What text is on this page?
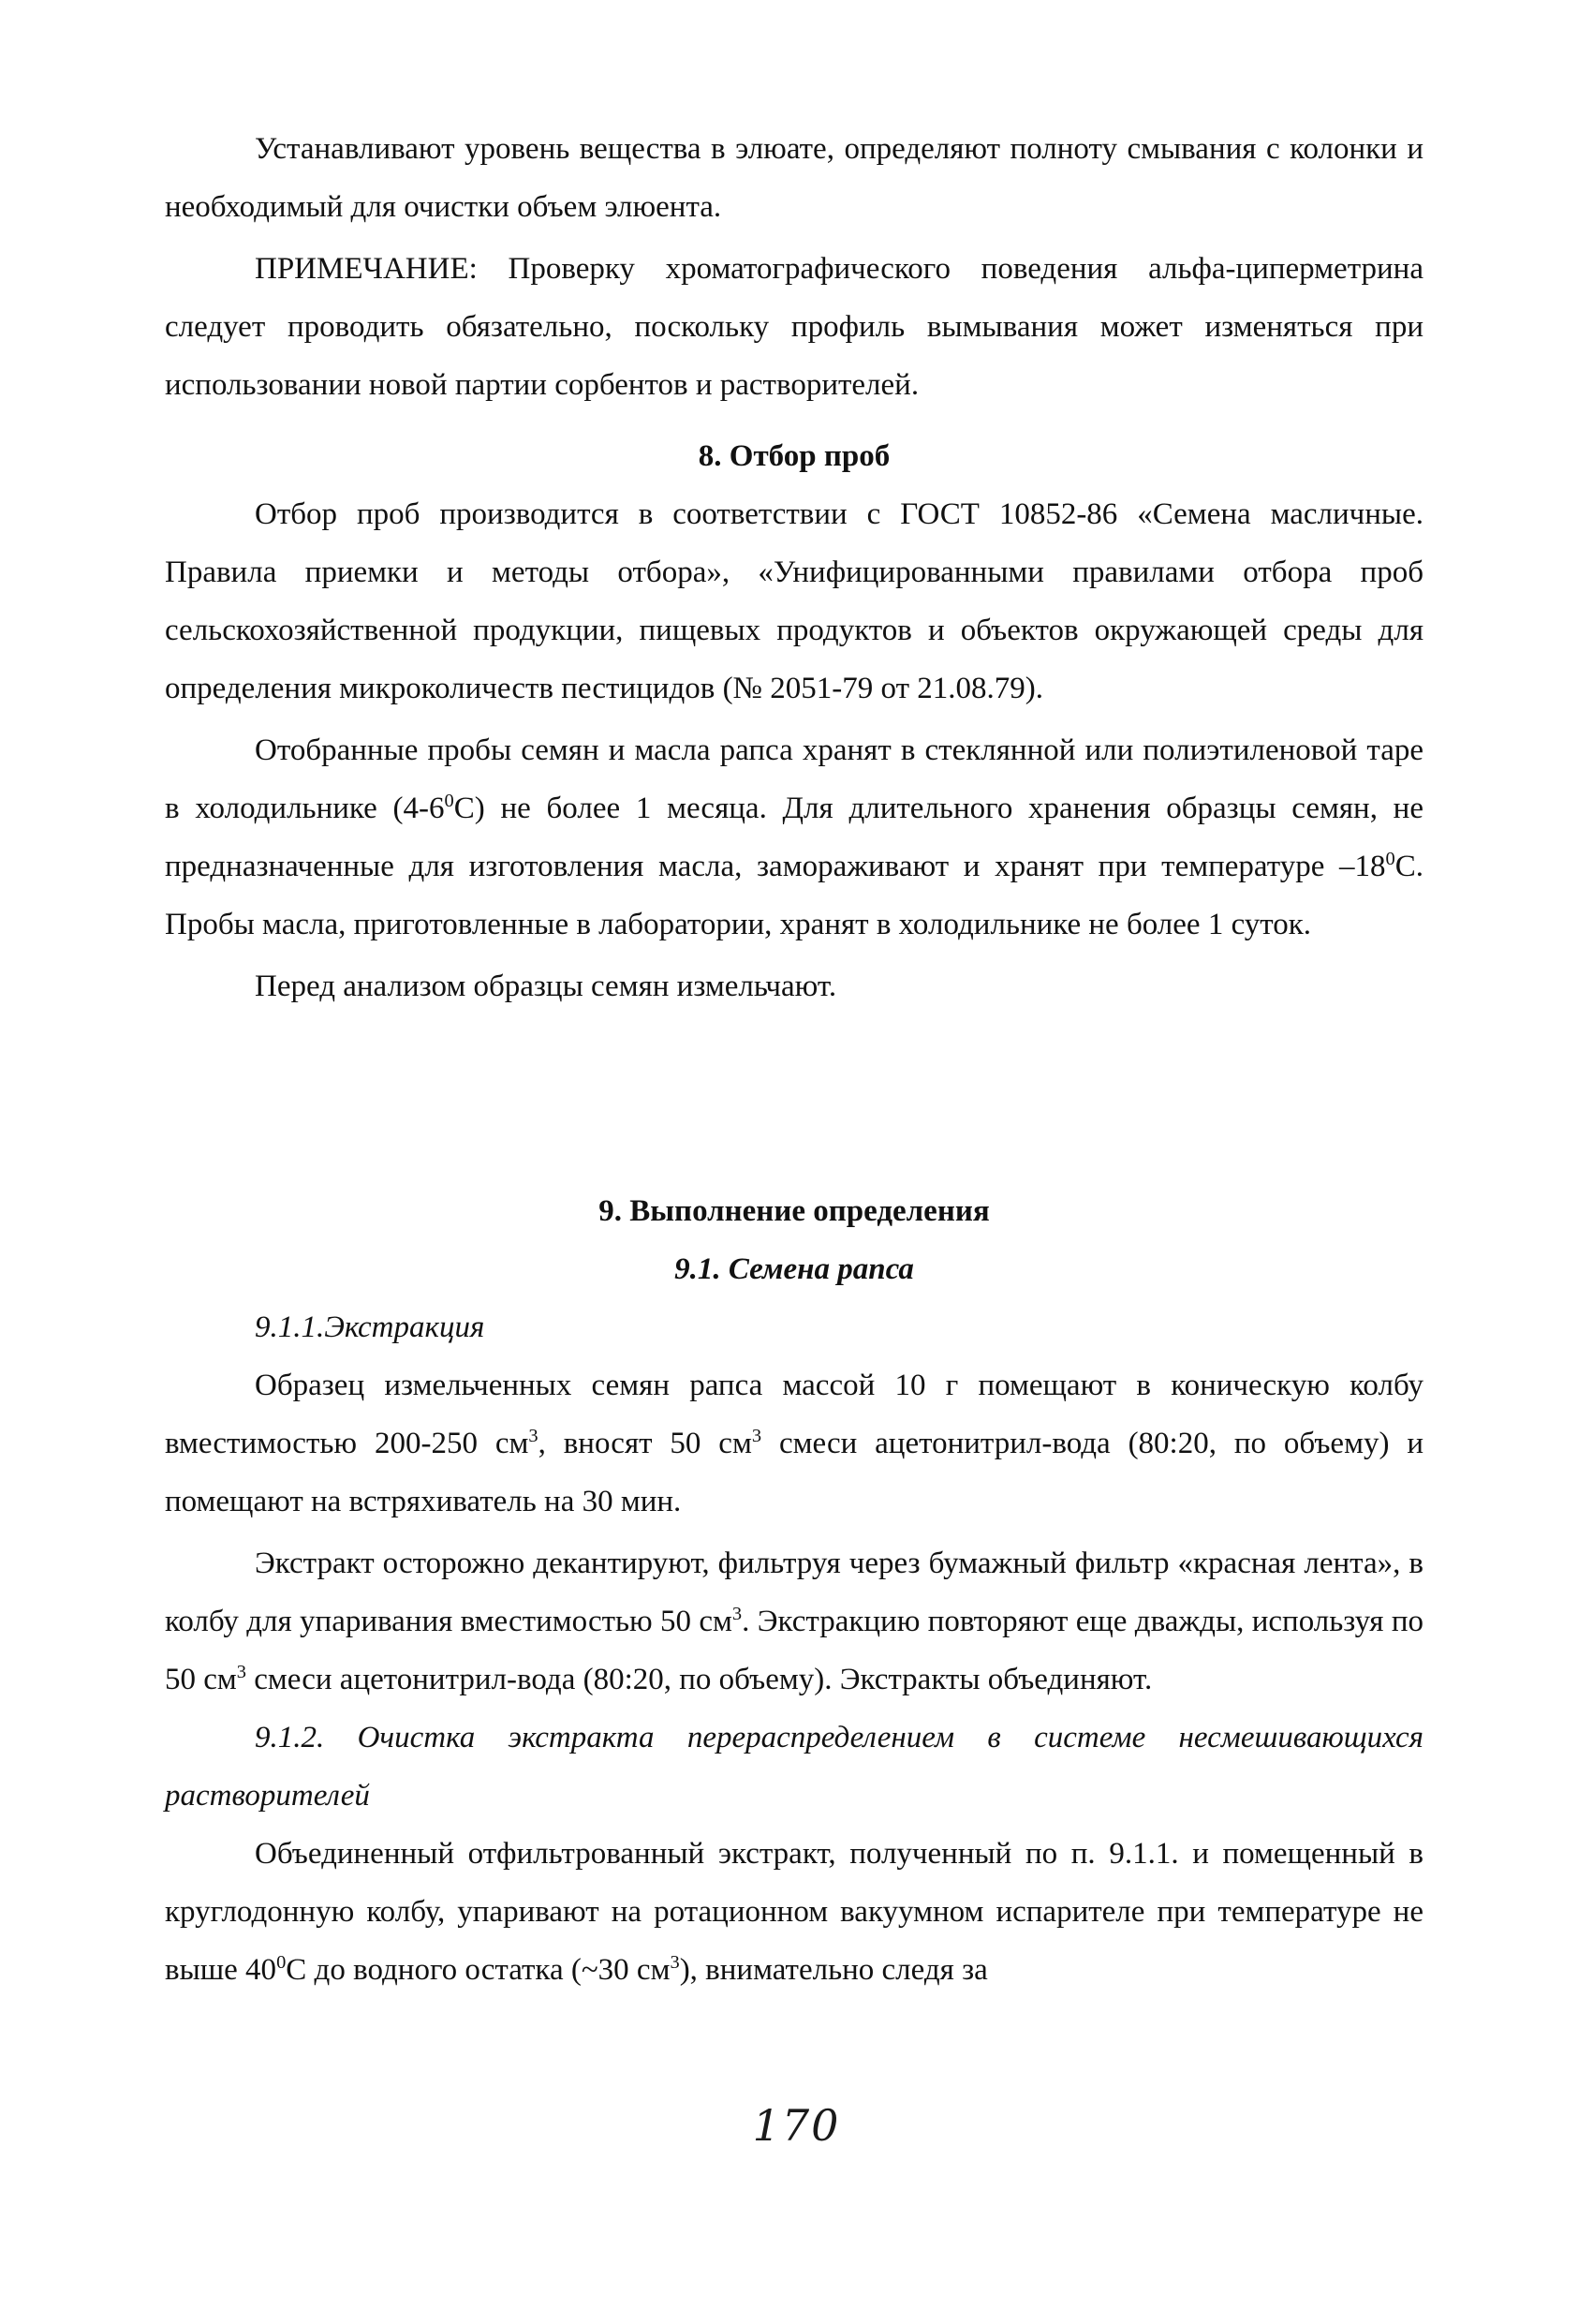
Устанавливают уровень вещества в элюате, определяют полноту смывания с колонки и необходимый для очистки объем элюента.

ПРИМЕЧАНИЕ: Проверку хроматографического поведения альфа-циперметрина следует проводить обязательно, поскольку профиль вымывания может изменяться при использовании новой партии сорбентов и растворителей.

8. Отбор проб

Отбор проб производится в соответствии с ГОСТ 10852-86 «Семена масличные. Правила приемки и методы отбора», «Унифицированными правилами отбора проб сельскохозяйственной продукции, пищевых продуктов и объектов окружающей среды для определения микроколичеств пестицидов (№ 2051-79 от 21.08.79).

Отобранные пробы семян и масла рапса хранят в стеклянной или полиэтиленовой таре в холодильнике $(4-6^0С)$ не более 1 месяца. Для длительного хранения образцы семян, не предназначенные для изготовления масла, замораживают и хранят при температуре $-18^0С$. Пробы масла, приготовленные в лаборатории, хранят в холодильнике не более 1 суток.

Перед анализом образцы семян измельчают.

9. Выполнение определения

9.1. Семена рапса

9.1.1.Экстракция

Образец измельченных семян рапса массой 10 г помещают в коническую колбу вместимостью 200-250 $см^3$, вносят 50 $см^3$ смеси ацетонитрил-вода (80:20, по объему) и помещают на встряхиватель на 30 мин.

Экстракт осторожно декантируют, фильтруя через бумажный фильтр «красная лента», в колбу для упаривания вместимостью 50 $см^3$. Экстракцию повторяют еще дважды, используя по 50 $см^3$ смеси ацетонитрил-вода (80:20, по объему). Экстракты объединяют.

9.1.2. Очистка экстракта перераспределением в системе несмешивающихся растворителей

Объединенный отфильтрованный экстракт, полученный по п. 9.1.1. и помещенный в круглодонную колбу, упаривают на ротационном вакуумном испарителе при температуре не выше $40^0С$ до водного остатка (~30 $см^3$), внимательно следя за

170
